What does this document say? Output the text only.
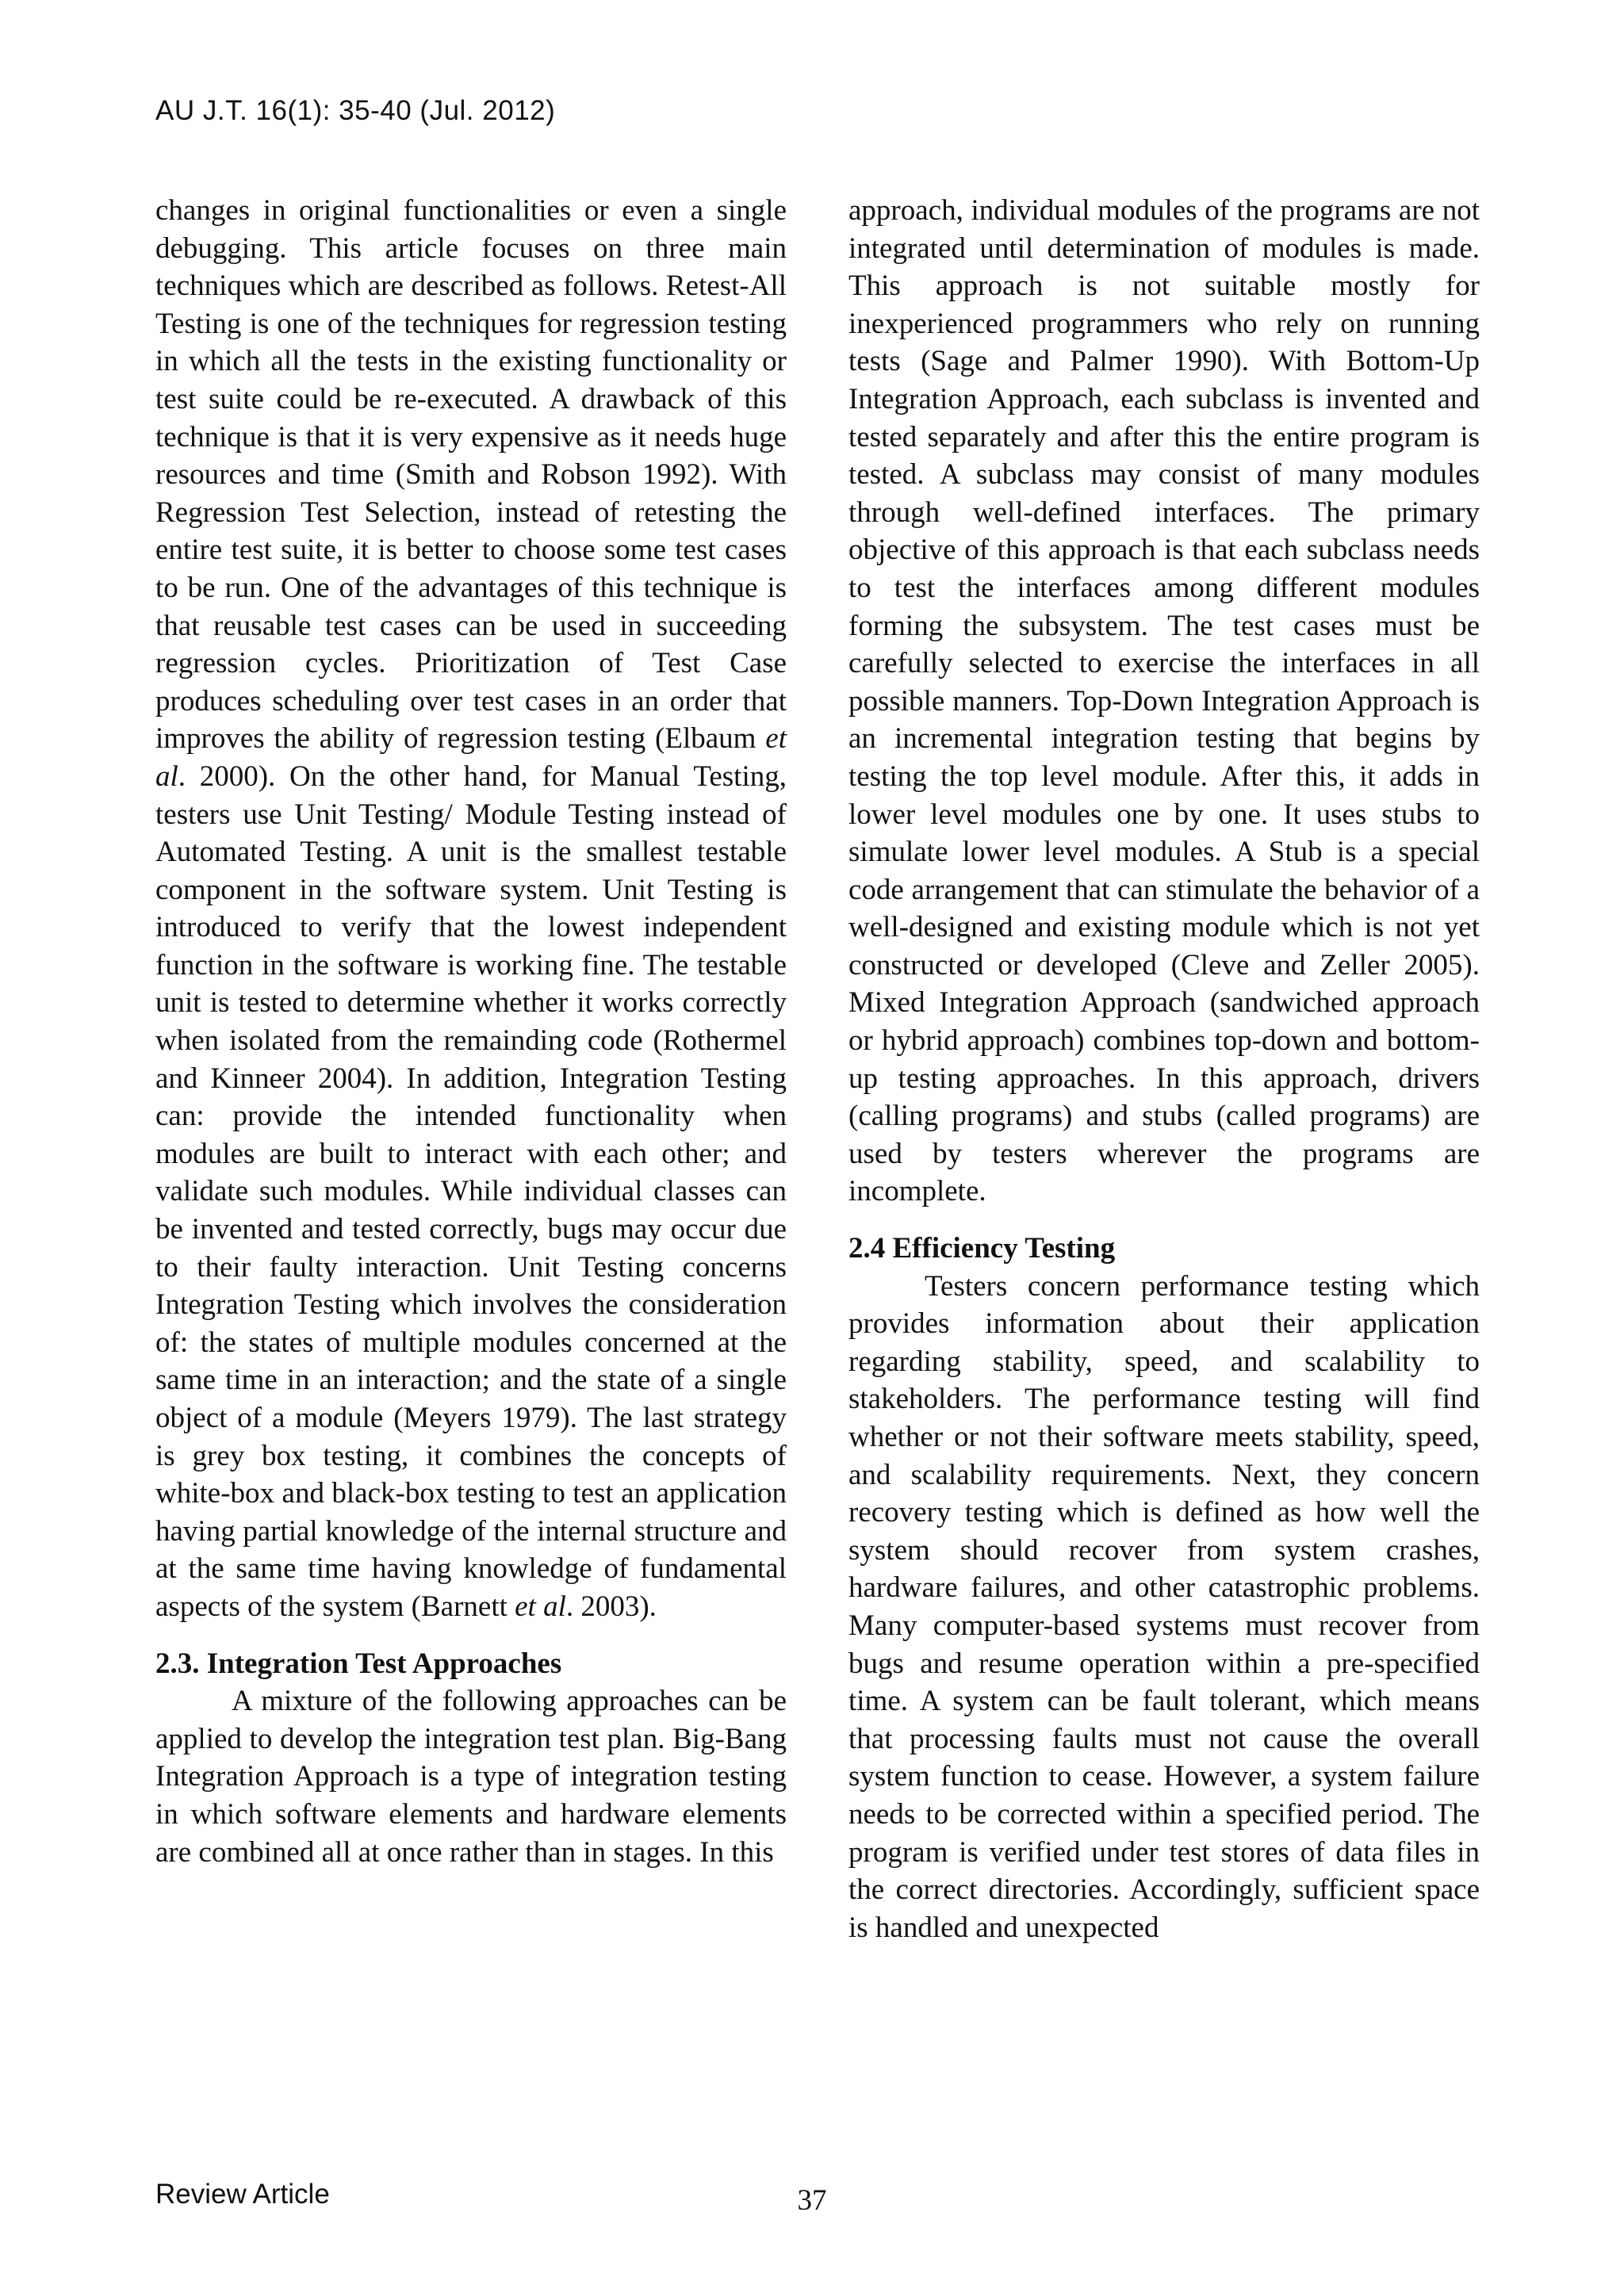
AU J.T. 16(1): 35-40 (Jul. 2012)

changes in original functionalities or even a single debugging. This article focuses on three main techniques which are described as follows. Retest-All Testing is one of the techniques for regression testing in which all the tests in the existing functionality or test suite could be re-executed. A drawback of this technique is that it is very expensive as it needs huge resources and time (Smith and Robson 1992). With Regression Test Selection, instead of retesting the entire test suite, it is better to choose some test cases to be run. One of the advantages of this technique is that reusable test cases can be used in succeeding regression cycles. Prioritization of Test Case produces scheduling over test cases in an order that improves the ability of regression testing (Elbaum et al. 2000). On the other hand, for Manual Testing, testers use Unit Testing/ Module Testing instead of Automated Testing. A unit is the smallest testable component in the software system. Unit Testing is introduced to verify that the lowest independent function in the software is working fine. The testable unit is tested to determine whether it works correctly when isolated from the remainding code (Rothermel and Kinneer 2004). In addition, Integration Testing can: provide the intended functionality when modules are built to interact with each other; and validate such modules. While individual classes can be invented and tested correctly, bugs may occur due to their faulty interaction. Unit Testing concerns Integration Testing which involves the consideration of: the states of multiple modules concerned at the same time in an interaction; and the state of a single object of a module (Meyers 1979). The last strategy is grey box testing, it combines the concepts of white-box and black-box testing to test an application having partial knowledge of the internal structure and at the same time having knowledge of fundamental aspects of the system (Barnett et al. 2003).

2.3. Integration Test Approaches

A mixture of the following approaches can be applied to develop the integration test plan. Big-Bang Integration Approach is a type of integration testing in which software elements and hardware elements are combined all at once rather than in stages. In this

approach, individual modules of the programs are not integrated until determination of modules is made. This approach is not suitable mostly for inexperienced programmers who rely on running tests (Sage and Palmer 1990). With Bottom-Up Integration Approach, each subclass is invented and tested separately and after this the entire program is tested. A subclass may consist of many modules through well-defined interfaces. The primary objective of this approach is that each subclass needs to test the interfaces among different modules forming the subsystem. The test cases must be carefully selected to exercise the interfaces in all possible manners. Top-Down Integration Approach is an incremental integration testing that begins by testing the top level module. After this, it adds in lower level modules one by one. It uses stubs to simulate lower level modules. A Stub is a special code arrangement that can stimulate the behavior of a well-designed and existing module which is not yet constructed or developed (Cleve and Zeller 2005). Mixed Integration Approach (sandwiched approach or hybrid approach) combines top-down and bottom-up testing approaches. In this approach, drivers (calling programs) and stubs (called programs) are used by testers wherever the programs are incomplete.

2.4 Efficiency Testing

Testers concern performance testing which provides information about their application regarding stability, speed, and scalability to stakeholders. The performance testing will find whether or not their software meets stability, speed, and scalability requirements. Next, they concern recovery testing which is defined as how well the system should recover from system crashes, hardware failures, and other catastrophic problems. Many computer-based systems must recover from bugs and resume operation within a pre-specified time. A system can be fault tolerant, which means that processing faults must not cause the overall system function to cease. However, a system failure needs to be corrected within a specified period. The program is verified under test stores of data files in the correct directories. Accordingly, sufficient space is handled and unexpected

Review Article	37
